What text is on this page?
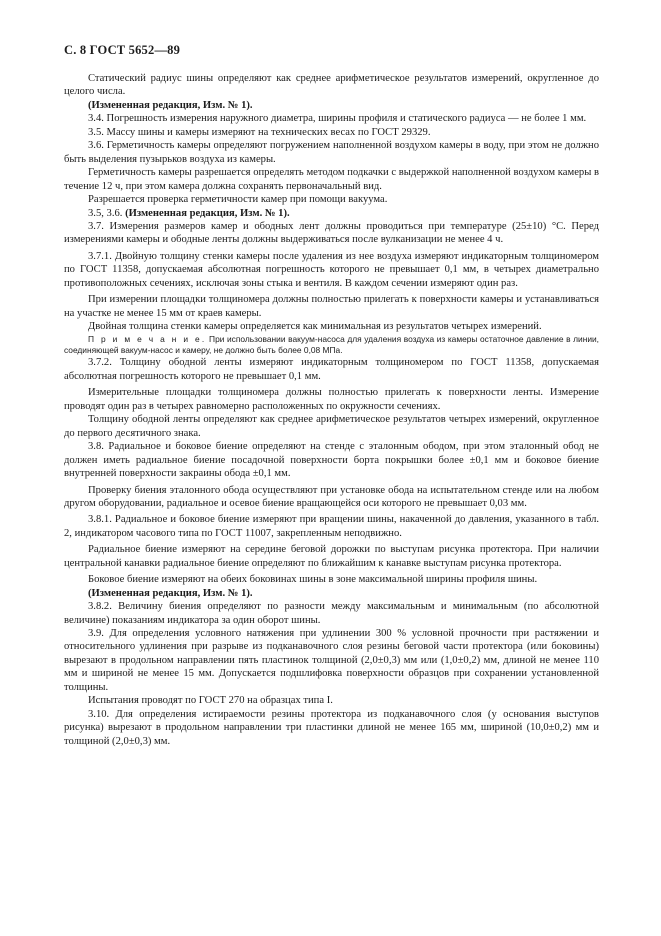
С. 8 ГОСТ 5652—89

Статический радиус шины определяют как среднее арифметическое результатов измерений, округленное до целого числа.

(Измененная редакция, Изм. № 1).

3.4. Погрешность измерения наружного диаметра, ширины профиля и статического радиуса — не более 1 мм.

3.5. Массу шины и камеры измеряют на технических весах по ГОСТ 29329.

3.6. Герметичность камеры определяют погружением наполненной воздухом камеры в воду, при этом не должно быть выделения пузырьков воздуха из камеры.

Герметичность камеры разрешается определять методом подкачки с выдержкой наполненной воздухом камеры в течение 12 ч, при этом камера должна сохранять первоначальный вид.

Разрешается проверка герметичности камер при помощи вакуума.

3.5, 3.6. (Измененная редакция, Изм. № 1).

3.7. Измерения размеров камер и ободных лент должны проводиться при температуре (25±10) °С. Перед измерениями камеры и ободные ленты должны выдерживаться после вулканизации не менее 4 ч.

3.7.1. Двойную толщину стенки камеры после удаления из нее воздуха измеряют индикаторным толщиномером по ГОСТ 11358, допускаемая абсолютная погрешность которого не превышает 0,1 мм, в четырех диаметрально противоположных сечениях, исключая зоны стыка и вентиля. В каждом сечении измеряют один раз.

При измерении площадки толщиномера должны полностью прилегать к поверхности камеры и устанавливаться на участке не менее 15 мм от краев камеры.

Двойная толщина стенки камеры определяется как минимальная из результатов четырех измерений.

П р и м е ч а н и е. При использовании вакуум-насоса для удаления воздуха из камеры остаточное давление в линии, соединяющей вакуум-насос и камеру, не должно быть более 0,08 МПа.

3.7.2. Толщину ободной ленты измеряют индикаторным толщиномером по ГОСТ 11358, допускаемая абсолютная погрешность которого не превышает 0,1 мм.

Измерительные площадки толщиномера должны полностью прилегать к поверхности ленты. Измерение проводят один раз в четырех равномерно расположенных по окружности сечениях.

Толщину ободной ленты определяют как среднее арифметическое результатов четырех измерений, округленное до первого десятичного знака.

3.8. Радиальное и боковое биение определяют на стенде с эталонным ободом, при этом эталонный обод не должен иметь радиальное биение посадочной поверхности борта покрышки более ±0,1 мм и боковое биение внутренней поверхности закраины обода ±0,1 мм.

Проверку биения эталонного обода осуществляют при установке обода на испытательном стенде или на любом другом оборудовании, радиальное и осевое биение вращающейся оси которого не превышает 0,03 мм.

3.8.1. Радиальное и боковое биение измеряют при вращении шины, накаченной до давления, указанного в табл. 2, индикатором часового типа по ГОСТ 11007, закрепленным неподвижно.

Радиальное биение измеряют на середине беговой дорожки по выступам рисунка протектора. При наличии центральной канавки радиальное биение определяют по ближайшим к канавке выступам рисунка протектора.

Боковое биение измеряют на обеих боковинах шины в зоне максимальной ширины профиля шины.

(Измененная редакция, Изм. № 1).

3.8.2. Величину биения определяют по разности между максимальным и минимальным (по абсолютной величине) показаниям индикатора за один оборот шины.

3.9. Для определения условного натяжения при удлинении 300 % условной прочности при растяжении и относительного удлинения при разрыве из подканавочного слоя резины беговой части протектора (или боковины) вырезают в продольном направлении пять пластинок толщиной (2,0±0,3) мм или (1,0±0,2) мм, длиной не менее 110 мм и шириной не менее 15 мм. Допускается подшлифовка поверхности образцов при сохранении установленной толщины.

Испытания проводят по ГОСТ 270 на образцах типа I.

3.10. Для определения истираемости резины протектора из подканавочного слоя (у основания выступов рисунка) вырезают в продольном направлении три пластинки длиной не менее 165 мм, шириной (10,0±0,2) мм и толщиной (2,0±0,3) мм.
